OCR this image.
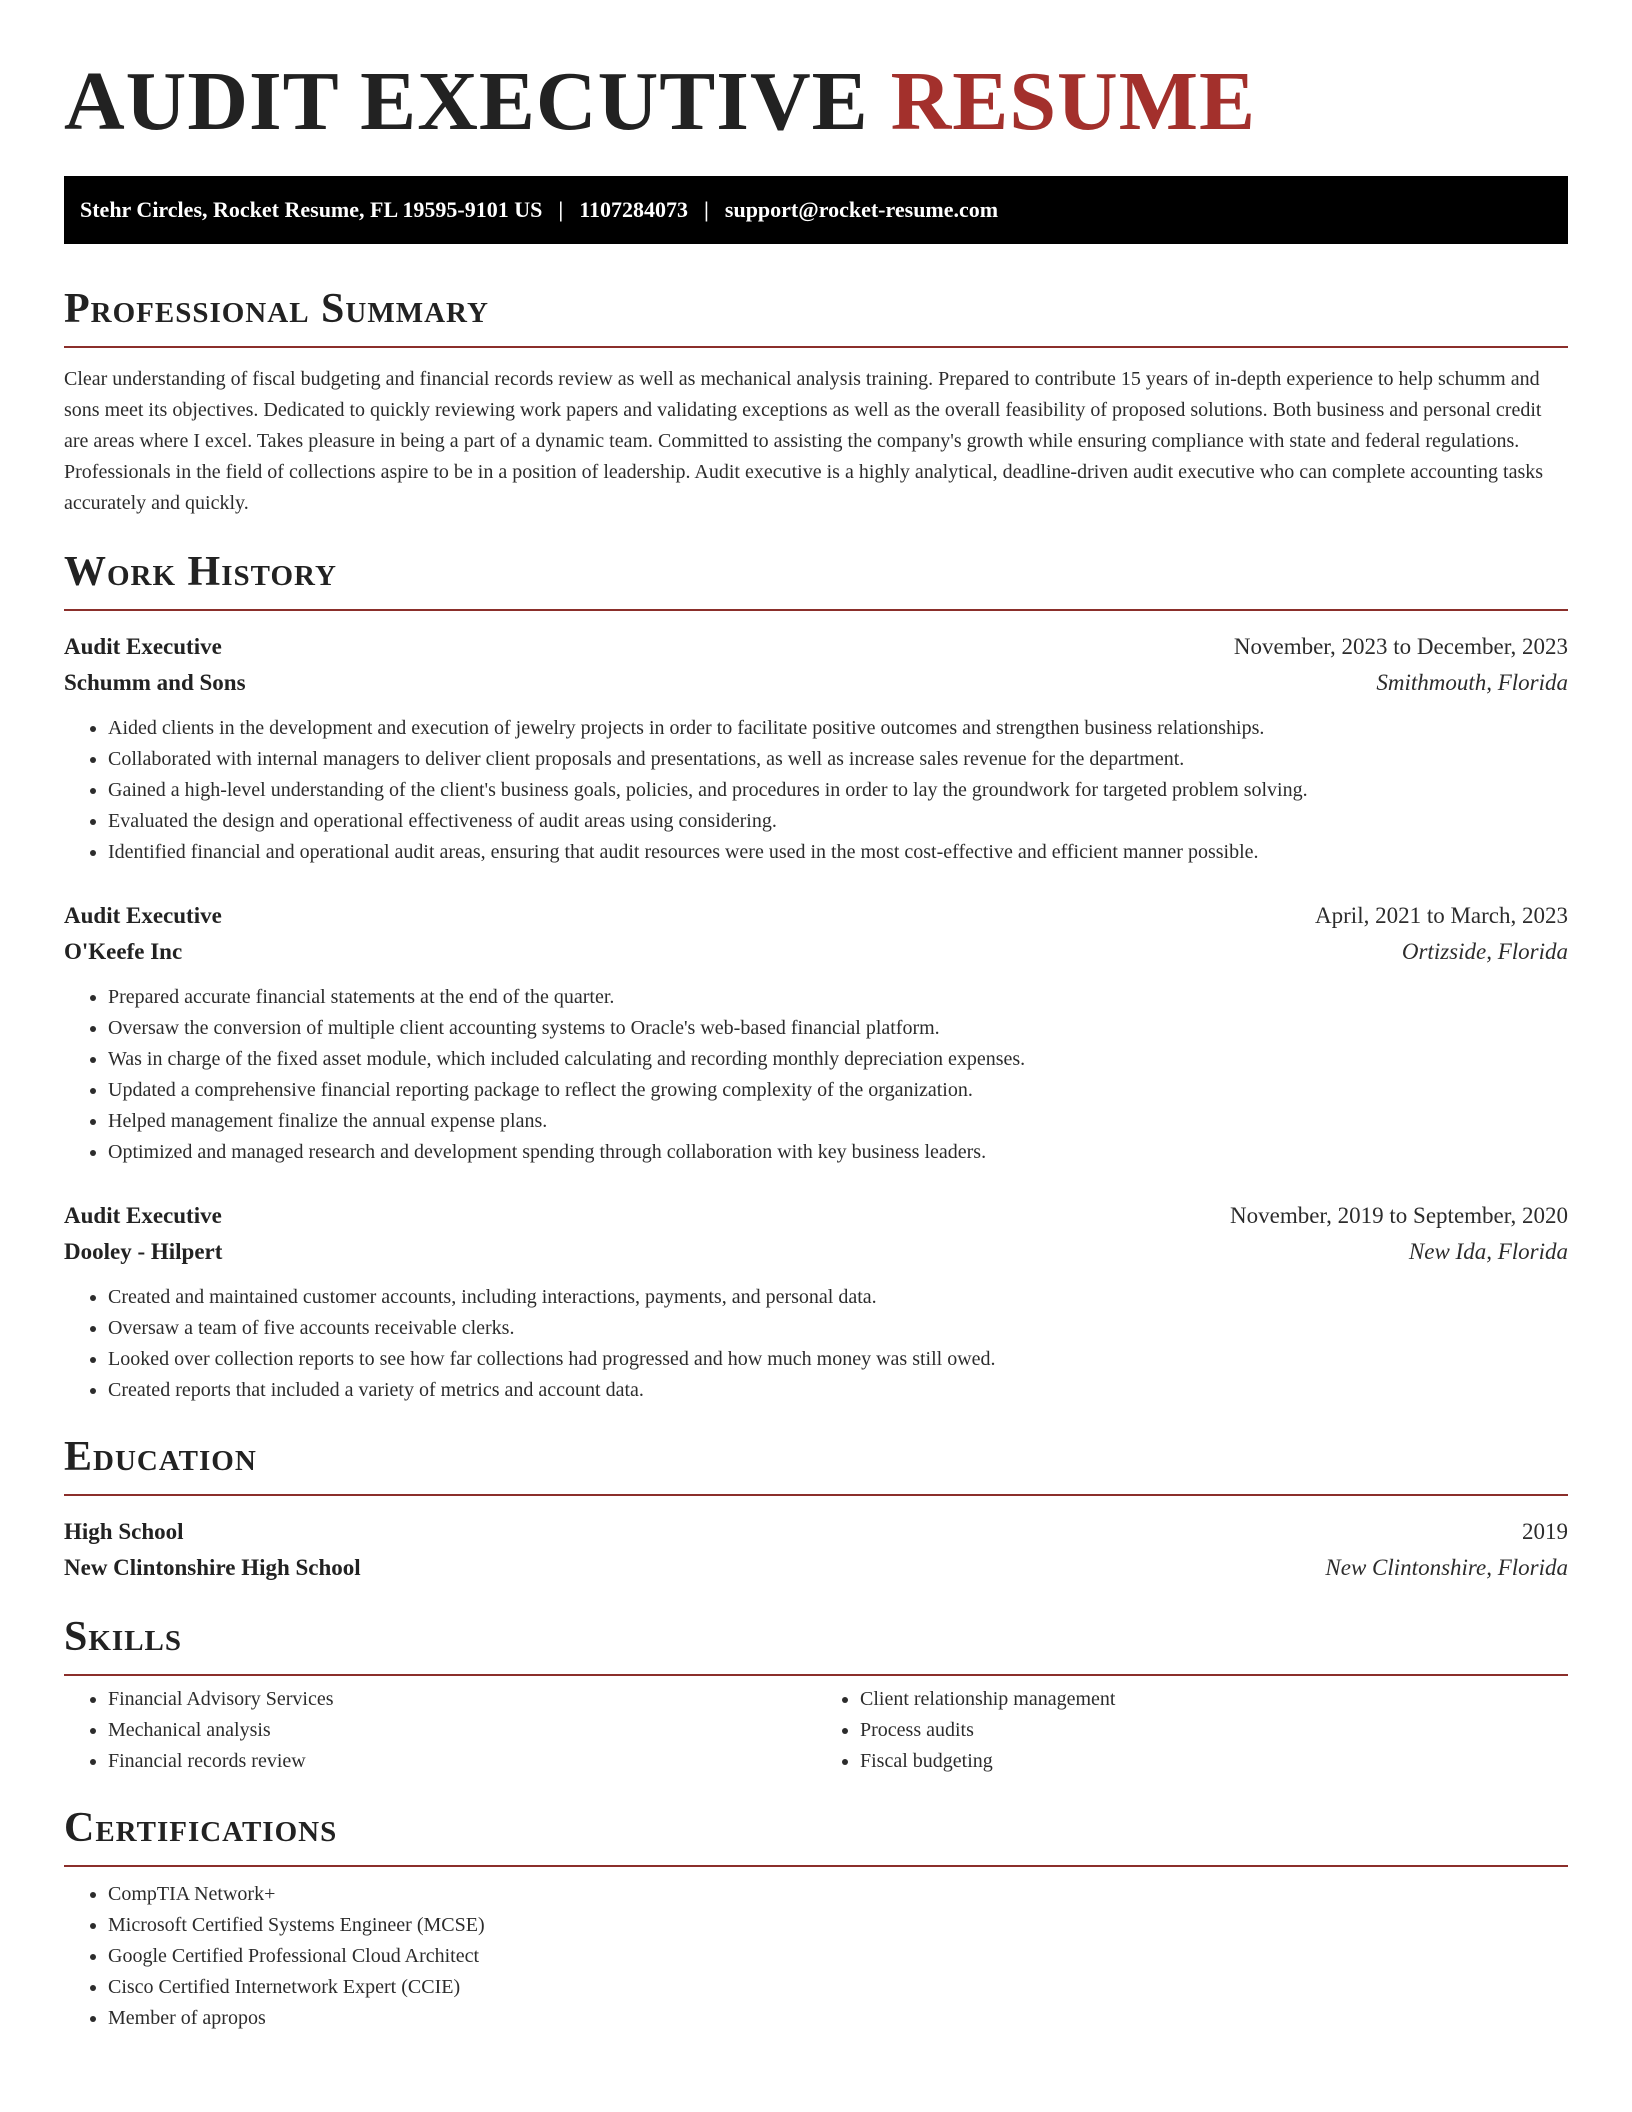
AUDIT EXECUTIVE RESUME
Stehr Circles, Rocket Resume, FL 19595-9101 US | 1107284073 | support@rocket-resume.com
Professional Summary

Clear understanding of fiscal budgeting and financial records review as well as mechanical analysis training. Prepared to contribute 15 years of in-depth experience to help schumm and sons meet its objectives. Dedicated to quickly reviewing work papers and validating exceptions as well as the overall feasibility of proposed solutions. Both business and personal credit are areas where I excel. Takes pleasure in being a part of a dynamic team. Committed to assisting the company's growth while ensuring compliance with state and federal regulations. Professionals in the field of collections aspire to be in a position of leadership. Audit executive is a highly analytical, deadline-driven audit executive who can complete accounting tasks accurately and quickly.

Work History
Audit Executive	November, 2023 to December, 2023
Schumm and Sons	Smithmouth, Florida
• Aided clients in the development and execution of jewelry projects in order to facilitate positive outcomes and strengthen business relationships.
• Collaborated with internal managers to deliver client proposals and presentations, as well as increase sales revenue for the department.
• Gained a high-level understanding of the client's business goals, policies, and procedures in order to lay the groundwork for targeted problem solving.
• Evaluated the design and operational effectiveness of audit areas using considering.
• Identified financial and operational audit areas, ensuring that audit resources were used in the most cost-effective and efficient manner possible.
Audit Executive	April, 2021 to March, 2023
O'Keefe Inc	Ortizside, Florida
• Prepared accurate financial statements at the end of the quarter.
• Oversaw the conversion of multiple client accounting systems to Oracle's web-based financial platform.
• Was in charge of the fixed asset module, which included calculating and recording monthly depreciation expenses.
• Updated a comprehensive financial reporting package to reflect the growing complexity of the organization.
• Helped management finalize the annual expense plans.
• Optimized and managed research and development spending through collaboration with key business leaders.
Audit Executive	November, 2019 to September, 2020
Dooley - Hilpert	New Ida, Florida
• Created and maintained customer accounts, including interactions, payments, and personal data.
• Oversaw a team of five accounts receivable clerks.
• Looked over collection reports to see how far collections had progressed and how much money was still owed.
• Created reports that included a variety of metrics and account data.
Education
High School	2019
New Clintonshire High School	New Clintonshire, Florida
Skills
• Financial Advisory Services
• Mechanical analysis
• Financial records review
• Client relationship management
• Process audits
• Fiscal budgeting
Certifications
• CompTIA Network+
• Microsoft Certified Systems Engineer (MCSE)
• Google Certified Professional Cloud Architect
• Cisco Certified Internetwork Expert (CCIE)
• Member of apropos
